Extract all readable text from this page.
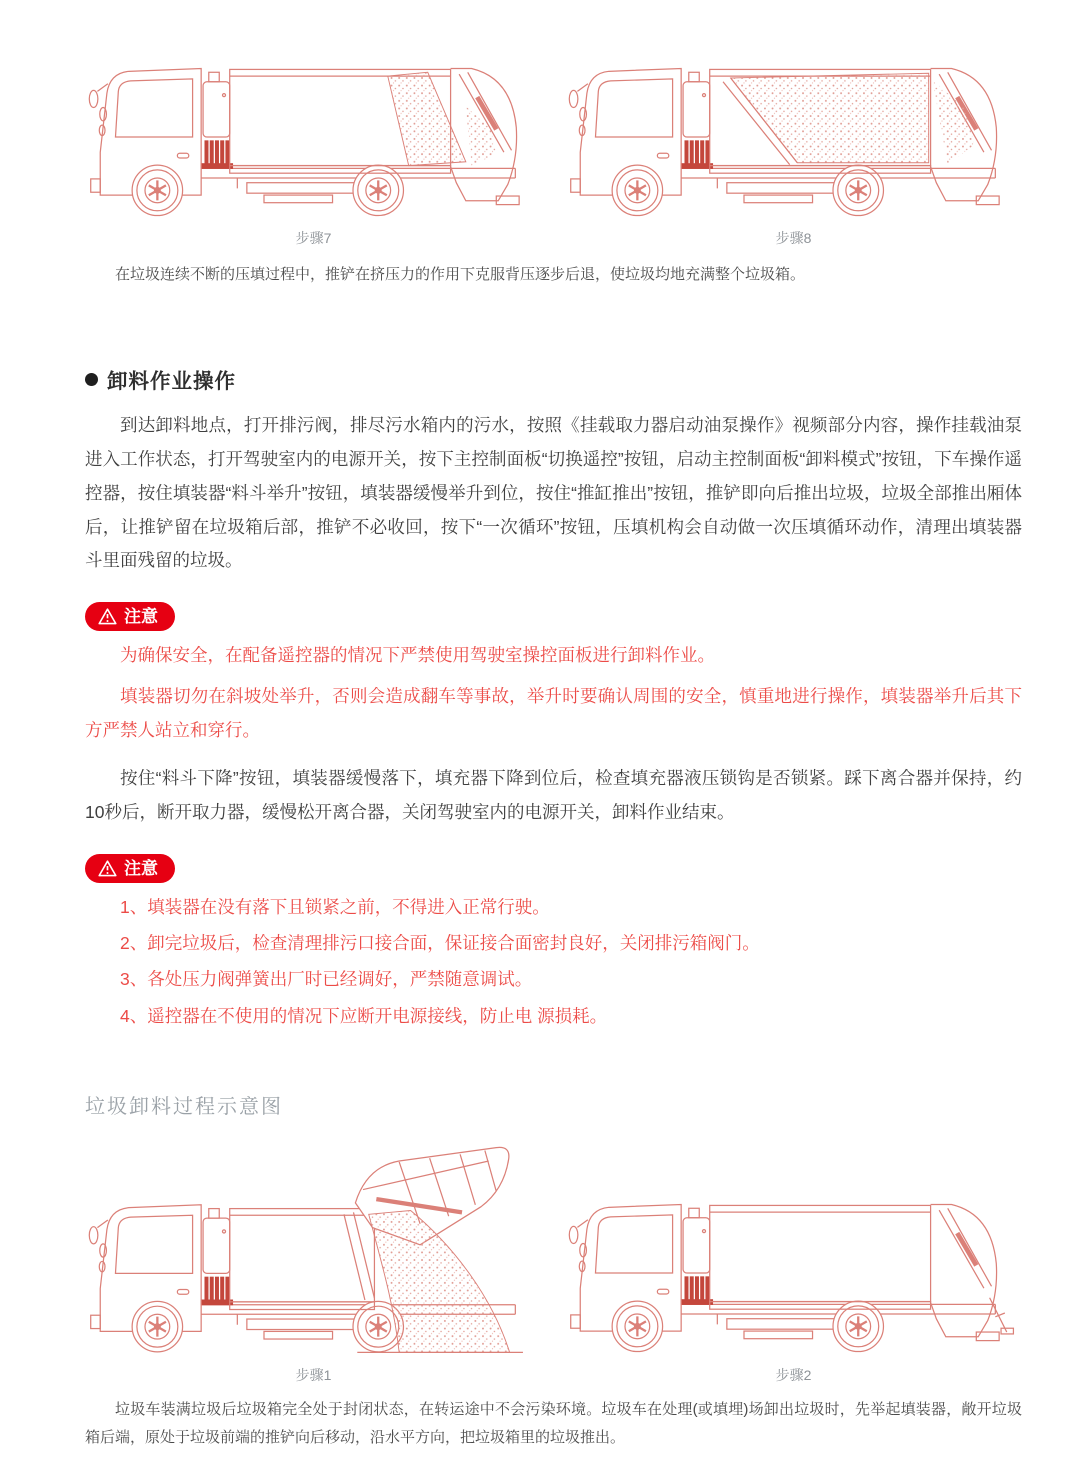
步骤7	步骤8

在垃圾连续不断的压填过程中，推铲在挤压力的作用下克服背压逐步后退，使垃圾均地充满整个垃圾箱。

卸料作业操作

到达卸料地点，打开排污阀，排尽污水箱内的污水，按照《挂载取力器启动油泵操作》视频部分内容，操作挂载油泵进入工作状态，打开驾驶室内的电源开关，按下主控制面板“切换遥控”按钮，启动主控制面板“卸料模式”按钮，下车操作遥控器，按住填装器“料斗举升”按钮，填装器缓慢举升到位，按住“推缸推出”按钮，推铲即向后推出垃圾，垃圾全部推出厢体后，让推铲留在垃圾箱后部，推铲不必收回，按下“一次循环”按钮，压填机构会自动做一次压填循环动作，清理出填装器斗里面残留的垃圾。

注意

为确保安全，在配备遥控器的情况下严禁使用驾驶室操控面板进行卸料作业。

填装器切勿在斜坡处举升，否则会造成翻车等事故，举升时要确认周围的安全，慎重地进行操作，填装器举升后其下方严禁人站立和穿行。

按住“料斗下降”按钮，填装器缓慢落下，填充器下降到位后，检查填充器液压锁钩是否锁紧。踩下离合器并保持，约10秒后，断开取力器，缓慢松开离合器，关闭驾驶室内的电源开关，卸料作业结束。

注意

1、填装器在没有落下且锁紧之前，不得进入正常行驶。

2、卸完垃圾后，检查清理排污口接合面，保证接合面密封良好，关闭排污箱阀门。

3、各处压力阀弹簧出厂时已经调好，严禁随意调试。

4、遥控器在不使用的情况下应断开电源接线，防止电 源损耗。

垃圾卸料过程示意图
步骤1	步骤2

垃圾车装满垃圾后垃圾箱完全处于封闭状态，在转运途中不会污染环境。垃圾车在处理(或填埋)场卸出垃圾时，先举起填装器，敞开垃圾箱后端，原处于垃圾前端的推铲向后移动，沿水平方向，把垃圾箱里的垃圾推出。
